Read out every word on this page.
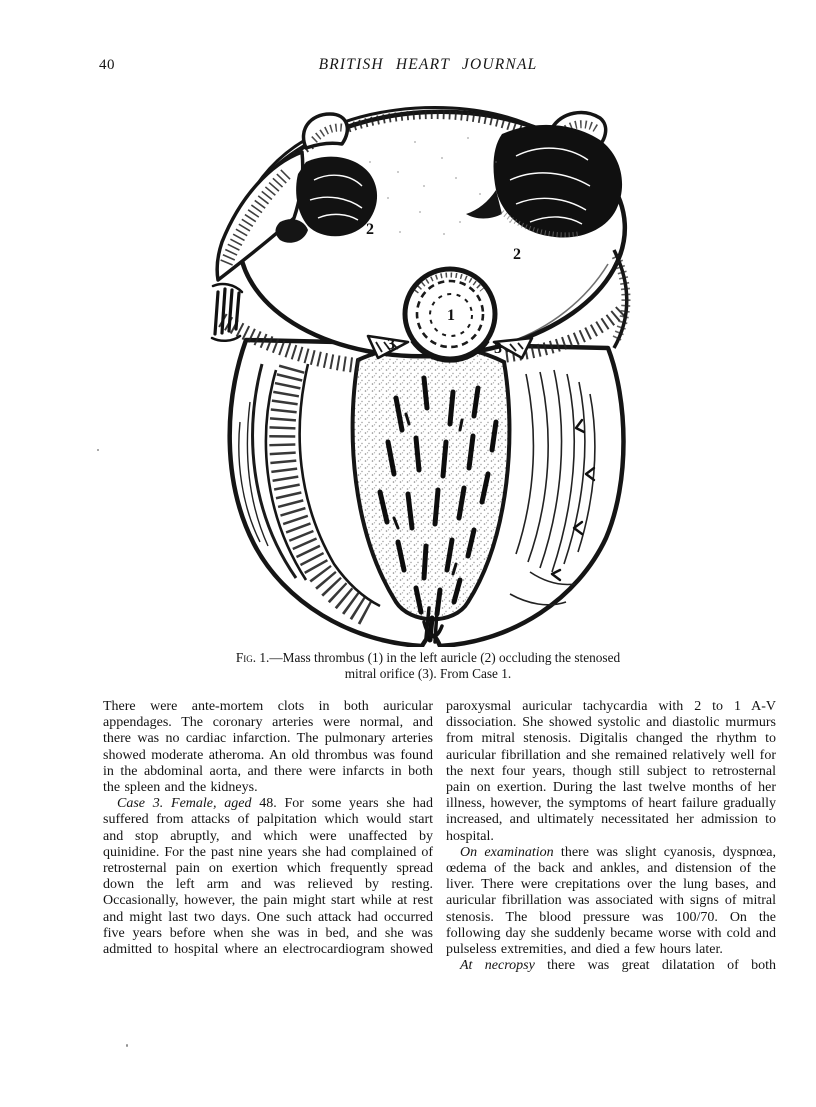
40	BRITISH HEART JOURNAL
2
2
1
3	3
Fig. 1.—Mass thrombus (1) in the left auricle (2) occluding the stenosed
mitral orifice (3). From Case 1.

There were ante-mortem clots in both auricular appendages. The coronary arteries were normal, and there was no cardiac infarction. The pulmonary arteries showed moderate atheroma. An old thrombus was found in the abdominal aorta, and there were infarcts in both the spleen and the kidneys.

Case 3. Female, aged 48. For some years she had suffered from attacks of palpitation which would start and stop abruptly, and which were unaffected by quinidine. For the past nine years she had complained of retrosternal pain on exertion which frequently spread down the left arm and was relieved by resting. Occasionally, however, the pain might start while at rest and might last two days. One such attack had occurred five years before when she was in bed, and she was admitted to hospital where an electrocardiogram showed

paroxysmal auricular tachycardia with 2 to 1 A-V dissociation. She showed systolic and diastolic murmurs from mitral stenosis. Digitalis changed the rhythm to auricular fibrillation and she remained relatively well for the next four years, though still subject to retrosternal pain on exertion. During the last twelve months of her illness, however, the symptoms of heart failure gradually increased, and ultimately necessitated her admission to hospital.

On examination there was slight cyanosis, dyspnœa, œdema of the back and ankles, and distension of the liver. There were crepitations over the lung bases, and auricular fibrillation was associated with signs of mitral stenosis. The blood pressure was 100/70. On the following day she suddenly became worse with cold and pulseless extremities, and died a few hours later.

At necropsy there was great dilatation of both
